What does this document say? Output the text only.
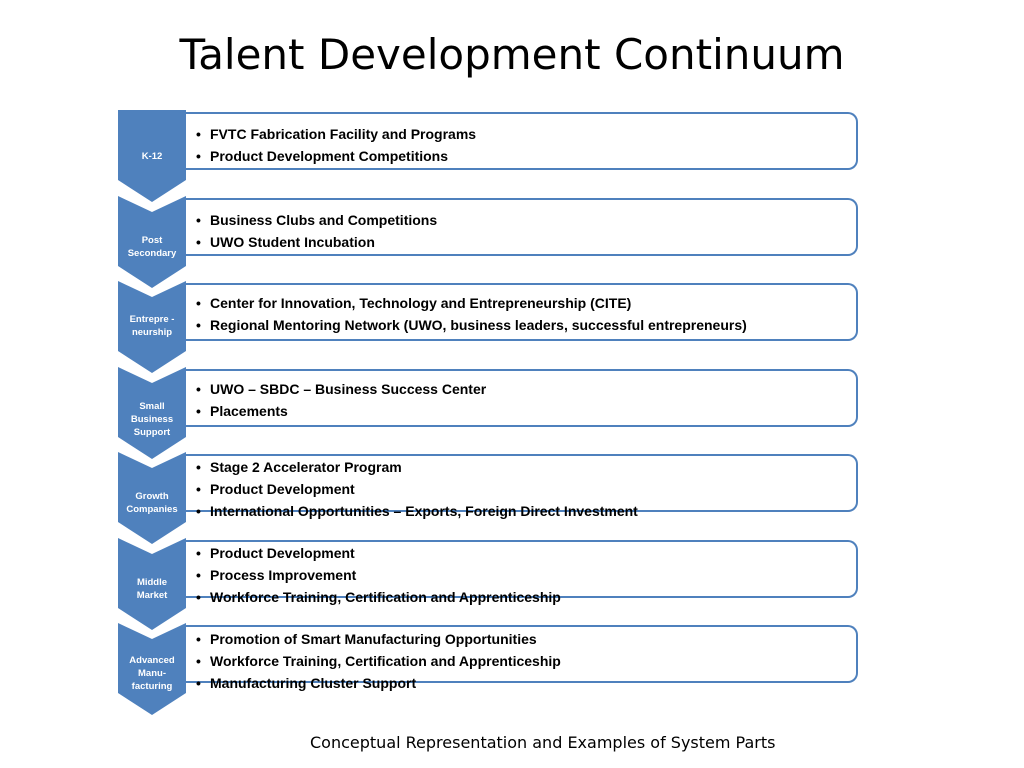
Talent Development Continuum
• FVTC Fabrication Facility and Programs
• Product Development Competitions
K-12
• Business Clubs and Competitions
• UWO Student Incubation
Post
Secondary
• Center for Innovation, Technology and Entrepreneurship (CITE)
• Regional Mentoring Network (UWO, business leaders, successful entrepreneurs)
Entrepre -
neurship
• UWO – SBDC – Business Success Center
• Placements
Small
Business
Support
• Stage 2 Accelerator Program
• Product Development
• International Opportunities – Exports, Foreign Direct Investment
Growth
Companies
• Product Development
• Process Improvement
• Workforce Training, Certification and Apprenticeship
Middle
Market
• Promotion of Smart Manufacturing Opportunities
• Workforce Training, Certification and Apprenticeship
• Manufacturing Cluster Support
Advanced
Manu-
facturing
Conceptual Representation and Examples of System Parts
